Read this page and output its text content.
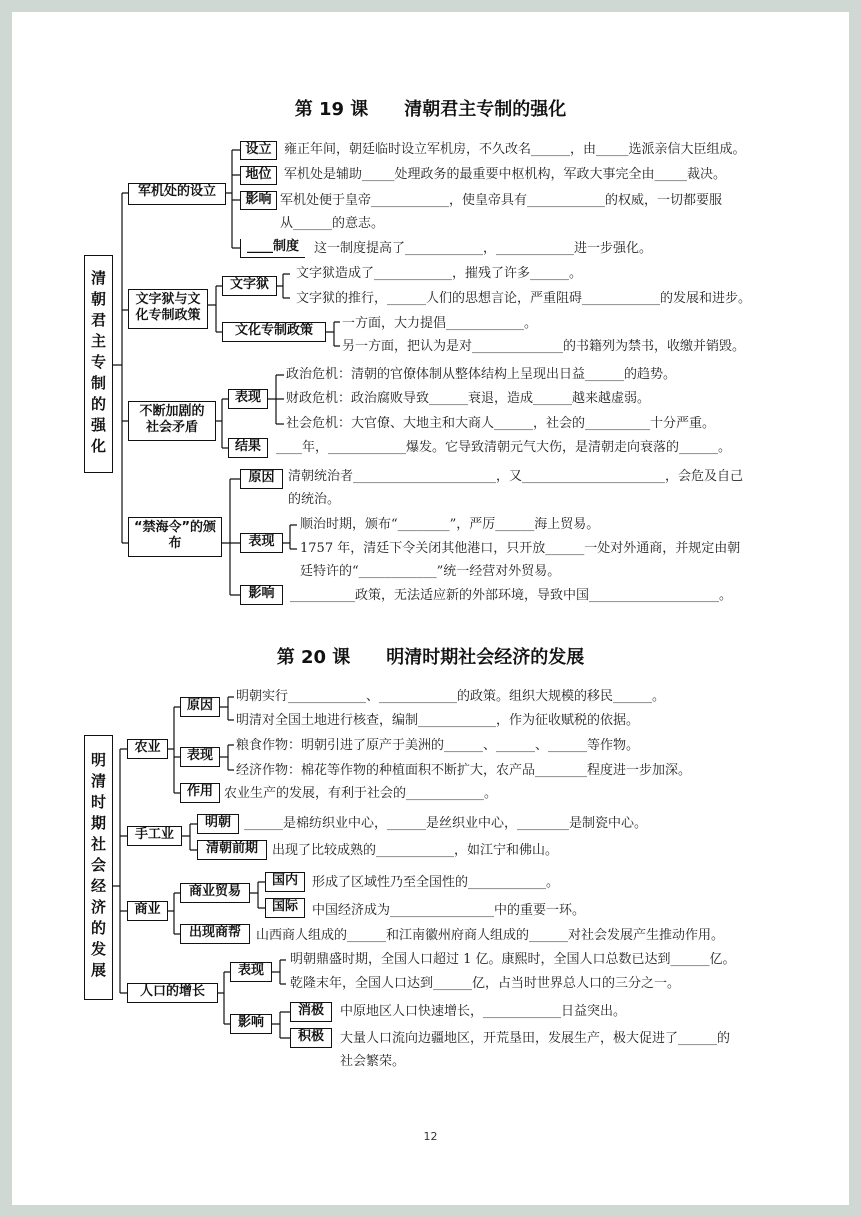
第 19 课　　清朝君主专制的强化
清朝君主专制的强化
军机处的设立
设立 雍正年间，朝廷临时设立军机房，不久改名______，由_____选派亲信大臣组成。
地位 军机处是辅助_____处理政务的最重要中枢机构，军政大事完全由_____裁决。
影响 军机处便于皇帝____________，使皇帝具有____________的权威，一切都要服
从______的意志。
____制度	这一制度提高了____________，____________进一步强化。
文字狱与文化专制政策
文字狱
文字狱造成了____________，摧残了许多______。
文字狱的推行，______人们的思想言论，严重阻碍____________的发展和进步。
文化专制政策	一方面，大力提倡____________。
另一方面，把认为是对______________的书籍列为禁书，收缴并销毁。
不断加剧的社会矛盾
表现
政治危机：清朝的官僚体制从整体结构上呈现出日益______的趋势。
财政危机：政治腐败导致______衰退，造成______越来越虚弱。
社会危机：大官僚、大地主和大商人______，社会的__________十分严重。
结果	____年，____________爆发。它导致清朝元气大伤，是清朝走向衰落的______。
“禁海令”的颁布
原因	清朝统治者______________________，又______________________，会危及自己
的统治。
表现
顺治时期，颁布“________”，严厉______海上贸易。
1757 年，清廷下令关闭其他港口，只开放______一处对外通商，并规定由朝
廷特许的“____________”统一经营对外贸易。
影响	__________政策，无法适应新的外部环境，导致中国____________________。
第 20 课　　明清时期社会经济的发展
明清时期社会经济的发展
农业
原因
明朝实行____________、____________的政策。组织大规模的移民______。
明清对全国土地进行核查，编制____________，作为征收赋税的依据。
表现
粮食作物：明朝引进了原产于美洲的______、______、______等作物。
经济作物：棉花等作物的种植面积不断扩大，农产品________程度进一步加深。
作用 农业生产的发展，有利于社会的____________。
手工业
明朝	______是棉纺织业中心，______是丝织业中心，________是制瓷中心。
清朝前期	出现了比较成熟的____________，如江宁和佛山。
商业
商业贸易
国内	形成了区域性乃至全国性的____________。
国际	中国经济成为________________中的重要一环。
出现商帮	山西商人组成的______和江南徽州府商人组成的______对社会发展产生推动作用。
人口的增长
表现
明朝鼎盛时期，全国人口超过 1 亿。康熙时，全国人口总数已达到______亿。
乾隆末年，全国人口达到______亿，占当时世界总人口的三分之一。
影响
消极	中原地区人口快速增长，____________日益突出。
积极	大量人口流向边疆地区，开荒垦田，发展生产，极大促进了______的
社会繁荣。
12
